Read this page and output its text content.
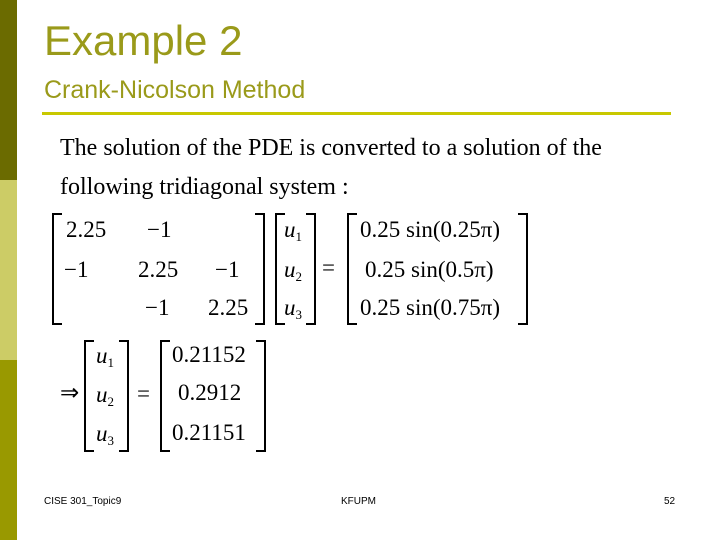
Example 2
Crank-Nicolson Method
The solution of the PDE is converted to a solution of the
following tridiagonal system :
2.25 −1
−1 2.25 −1
−1 2.25
$u_1$
$u_2$
$u_3$
=
0.25 sin(0.25π)
0.25 sin(0.5π)
0.25 sin(0.75π)
⇒
$u_1$
$u_2$
$u_3$
=
0.21152
0.2912
0.21151
CISE 301_Topic9	KFUPM	52
